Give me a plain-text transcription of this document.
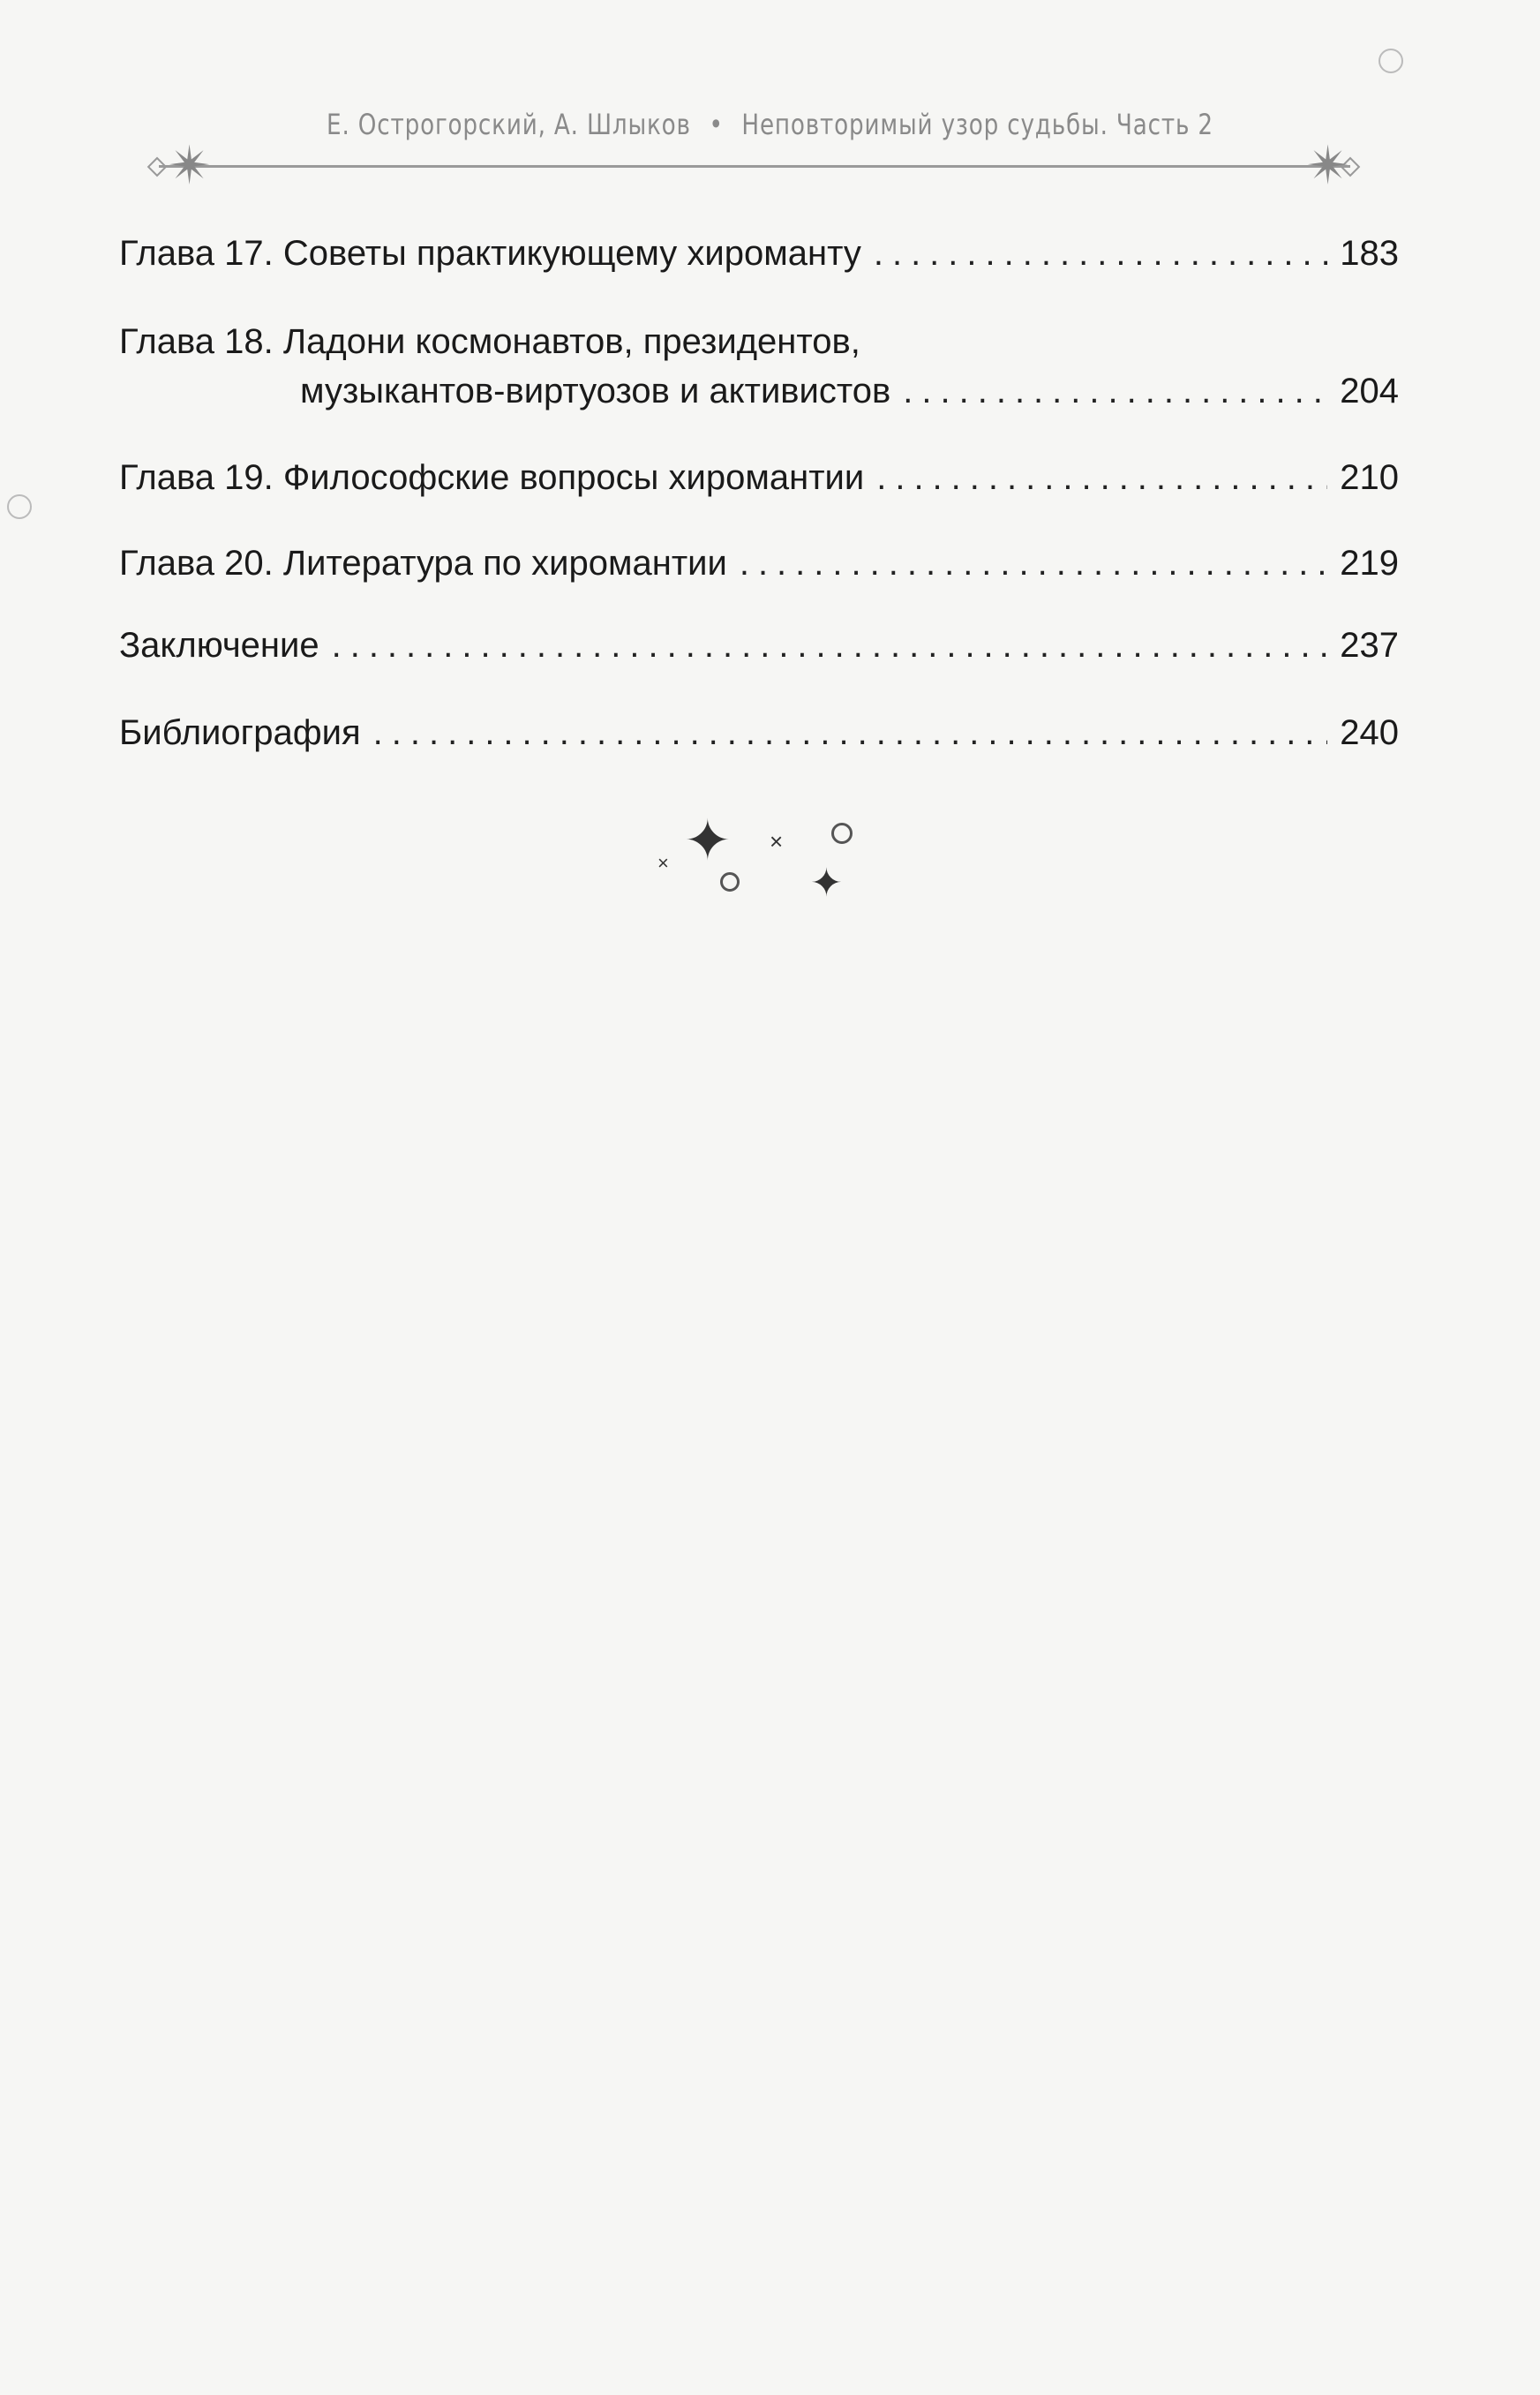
Е. Острогорский, А. Шлыков • Неповторимый узор судьбы. Часть 2
✴	✴
Глава 17. Советы практикующему хироманту .....	183
Глава 18. Ладони космонавтов, президентов,
музыкантов-виртуозов и активистов .....	204
Глава 19. Философские вопросы хиромантии .....	210
Глава 20. Литература по хиромантии .....	219
Заключение .....	237
Библиография .....	240
✦ ×
×	✦
